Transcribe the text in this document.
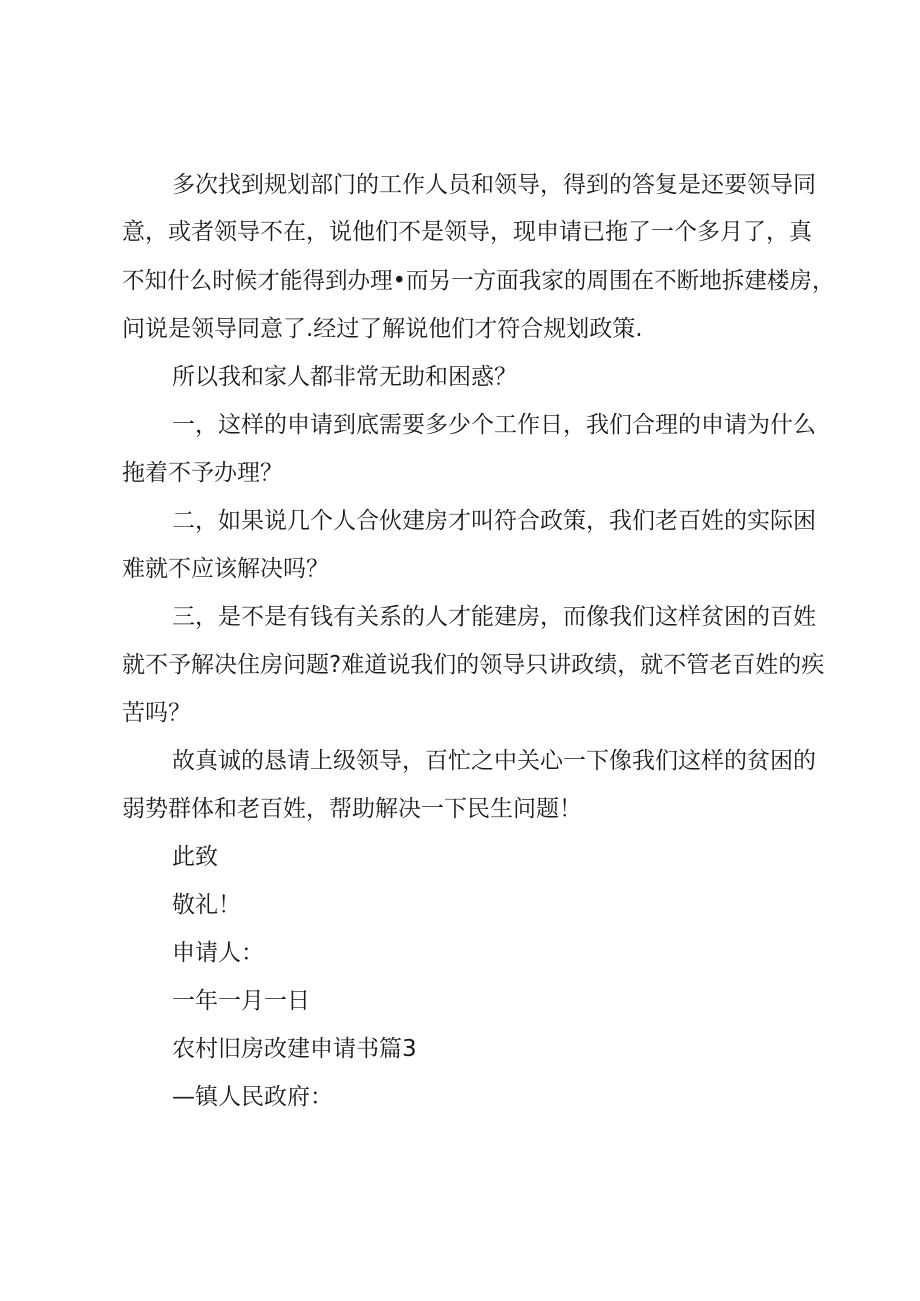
多次找到规划部门的工作人员和领导，得到的答复是还要领导同
意，或者领导不在，说他们不是领导，现申请已拖了一个多月了，真
不知什么时候才能得到办理•而另一方面我家的周围在不断地拆建楼房，
问说是领导同意了.经过了解说他们才符合规划政策.
所以我和家人都非常无助和困惑？
一，这样的申请到底需要多少个工作日，我们合理的申请为什么
拖着不予办理？
二，如果说几个人合伙建房才叫符合政策，我们老百姓的实际困
难就不应该解决吗？
三，是不是有钱有关系的人才能建房，而像我们这样贫困的百姓
就不予解决住房问题?难道说我们的领导只讲政绩，就不管老百姓的疾
苦吗？
故真诚的恳请上级领导，百忙之中关心一下像我们这样的贫困的
弱势群体和老百姓，帮助解决一下民生问题！
此致
敬礼！
申请人：
一年一月一日
农村旧房改建申请书篇3
—镇人民政府：
